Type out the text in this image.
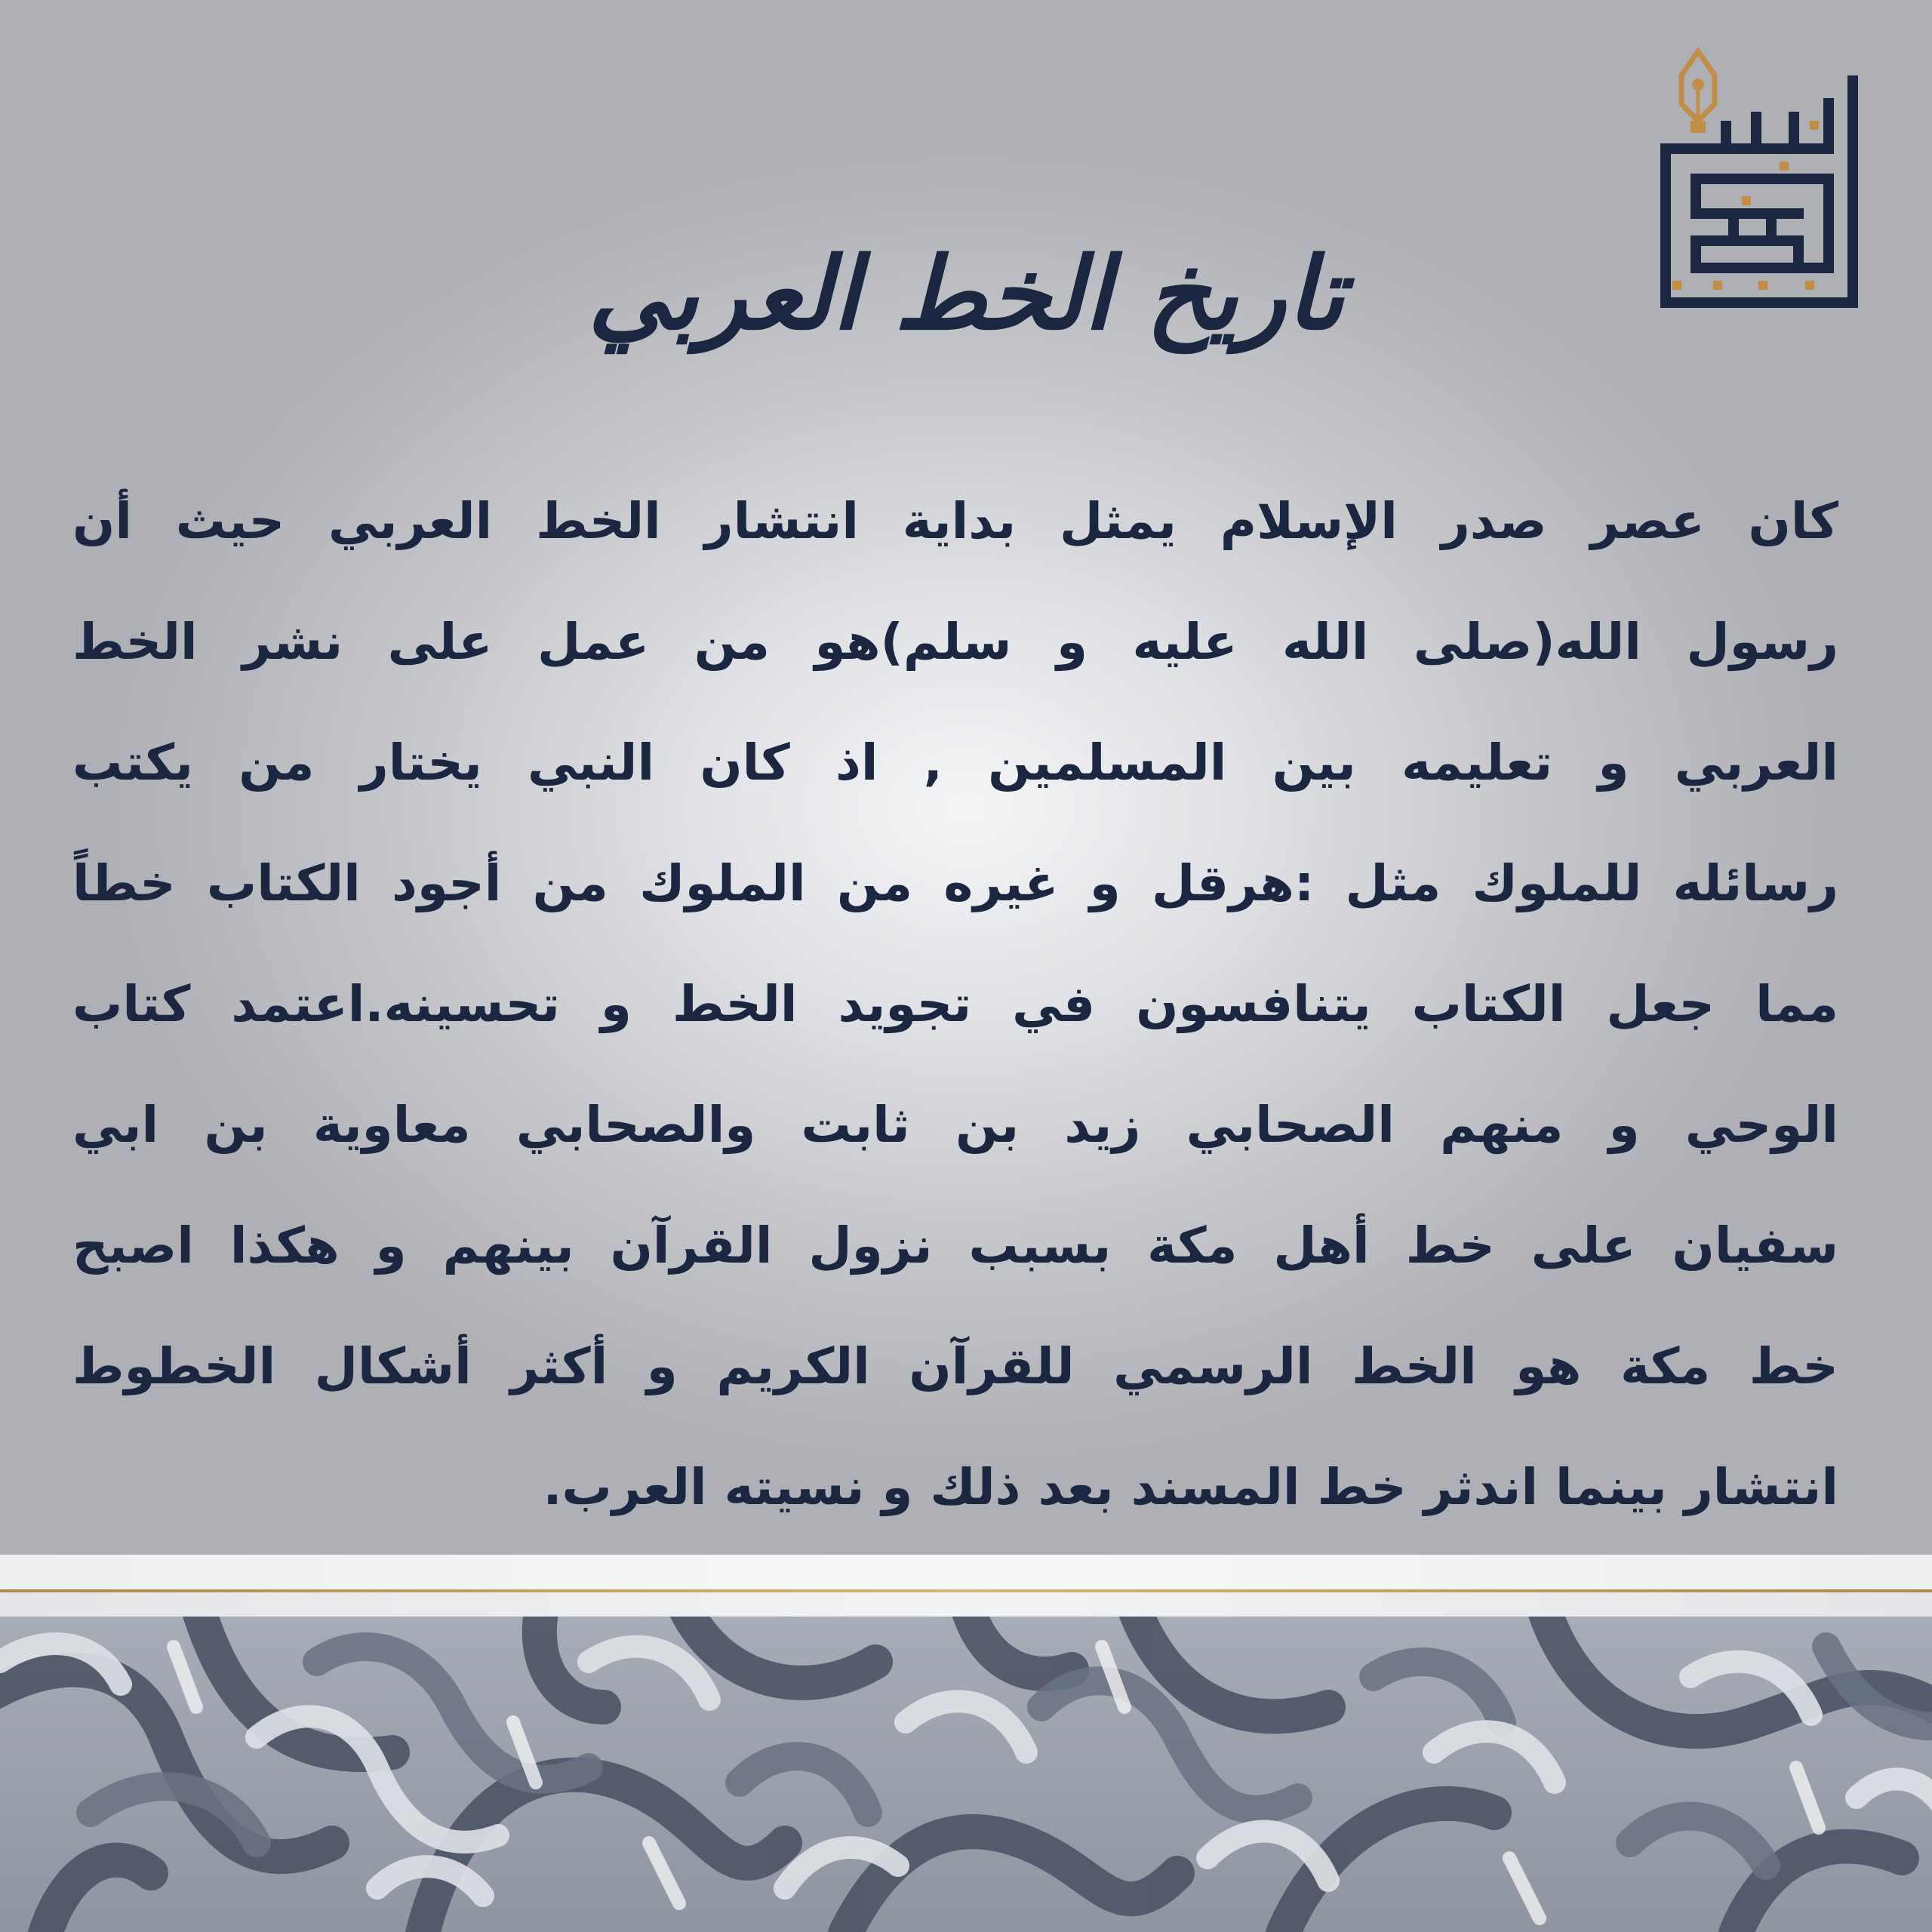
تاريخ الخط العربي
كان عصر صدر الإسلام يمثل بداية انتشار الخط العربي حيث أن
رسول الله(صلى الله عليه و سلم)هو من عمل على نشر الخط
العربي و تعليمه بين المسلمين , اذ كان النبي يختار من يكتب
رسائله للملوك مثل :هرقل و غيره من الملوك من أجود الكتاب خطاً
مما جعل الكتاب يتنافسون في تجويد الخط و تحسينه.اعتمد كتاب
الوحي و منهم الصحابي زيد بن ثابت والصحابي معاوية بن ابي
سفيان على خط أهل مكة بسبب نزول القرآن بينهم و هكذا اصبح
خط مكة هو الخط الرسمي للقرآن الكريم و أكثر أشكال الخطوط
انتشار بينما اندثر خط المسند بعد ذلك و نسيته العرب.
